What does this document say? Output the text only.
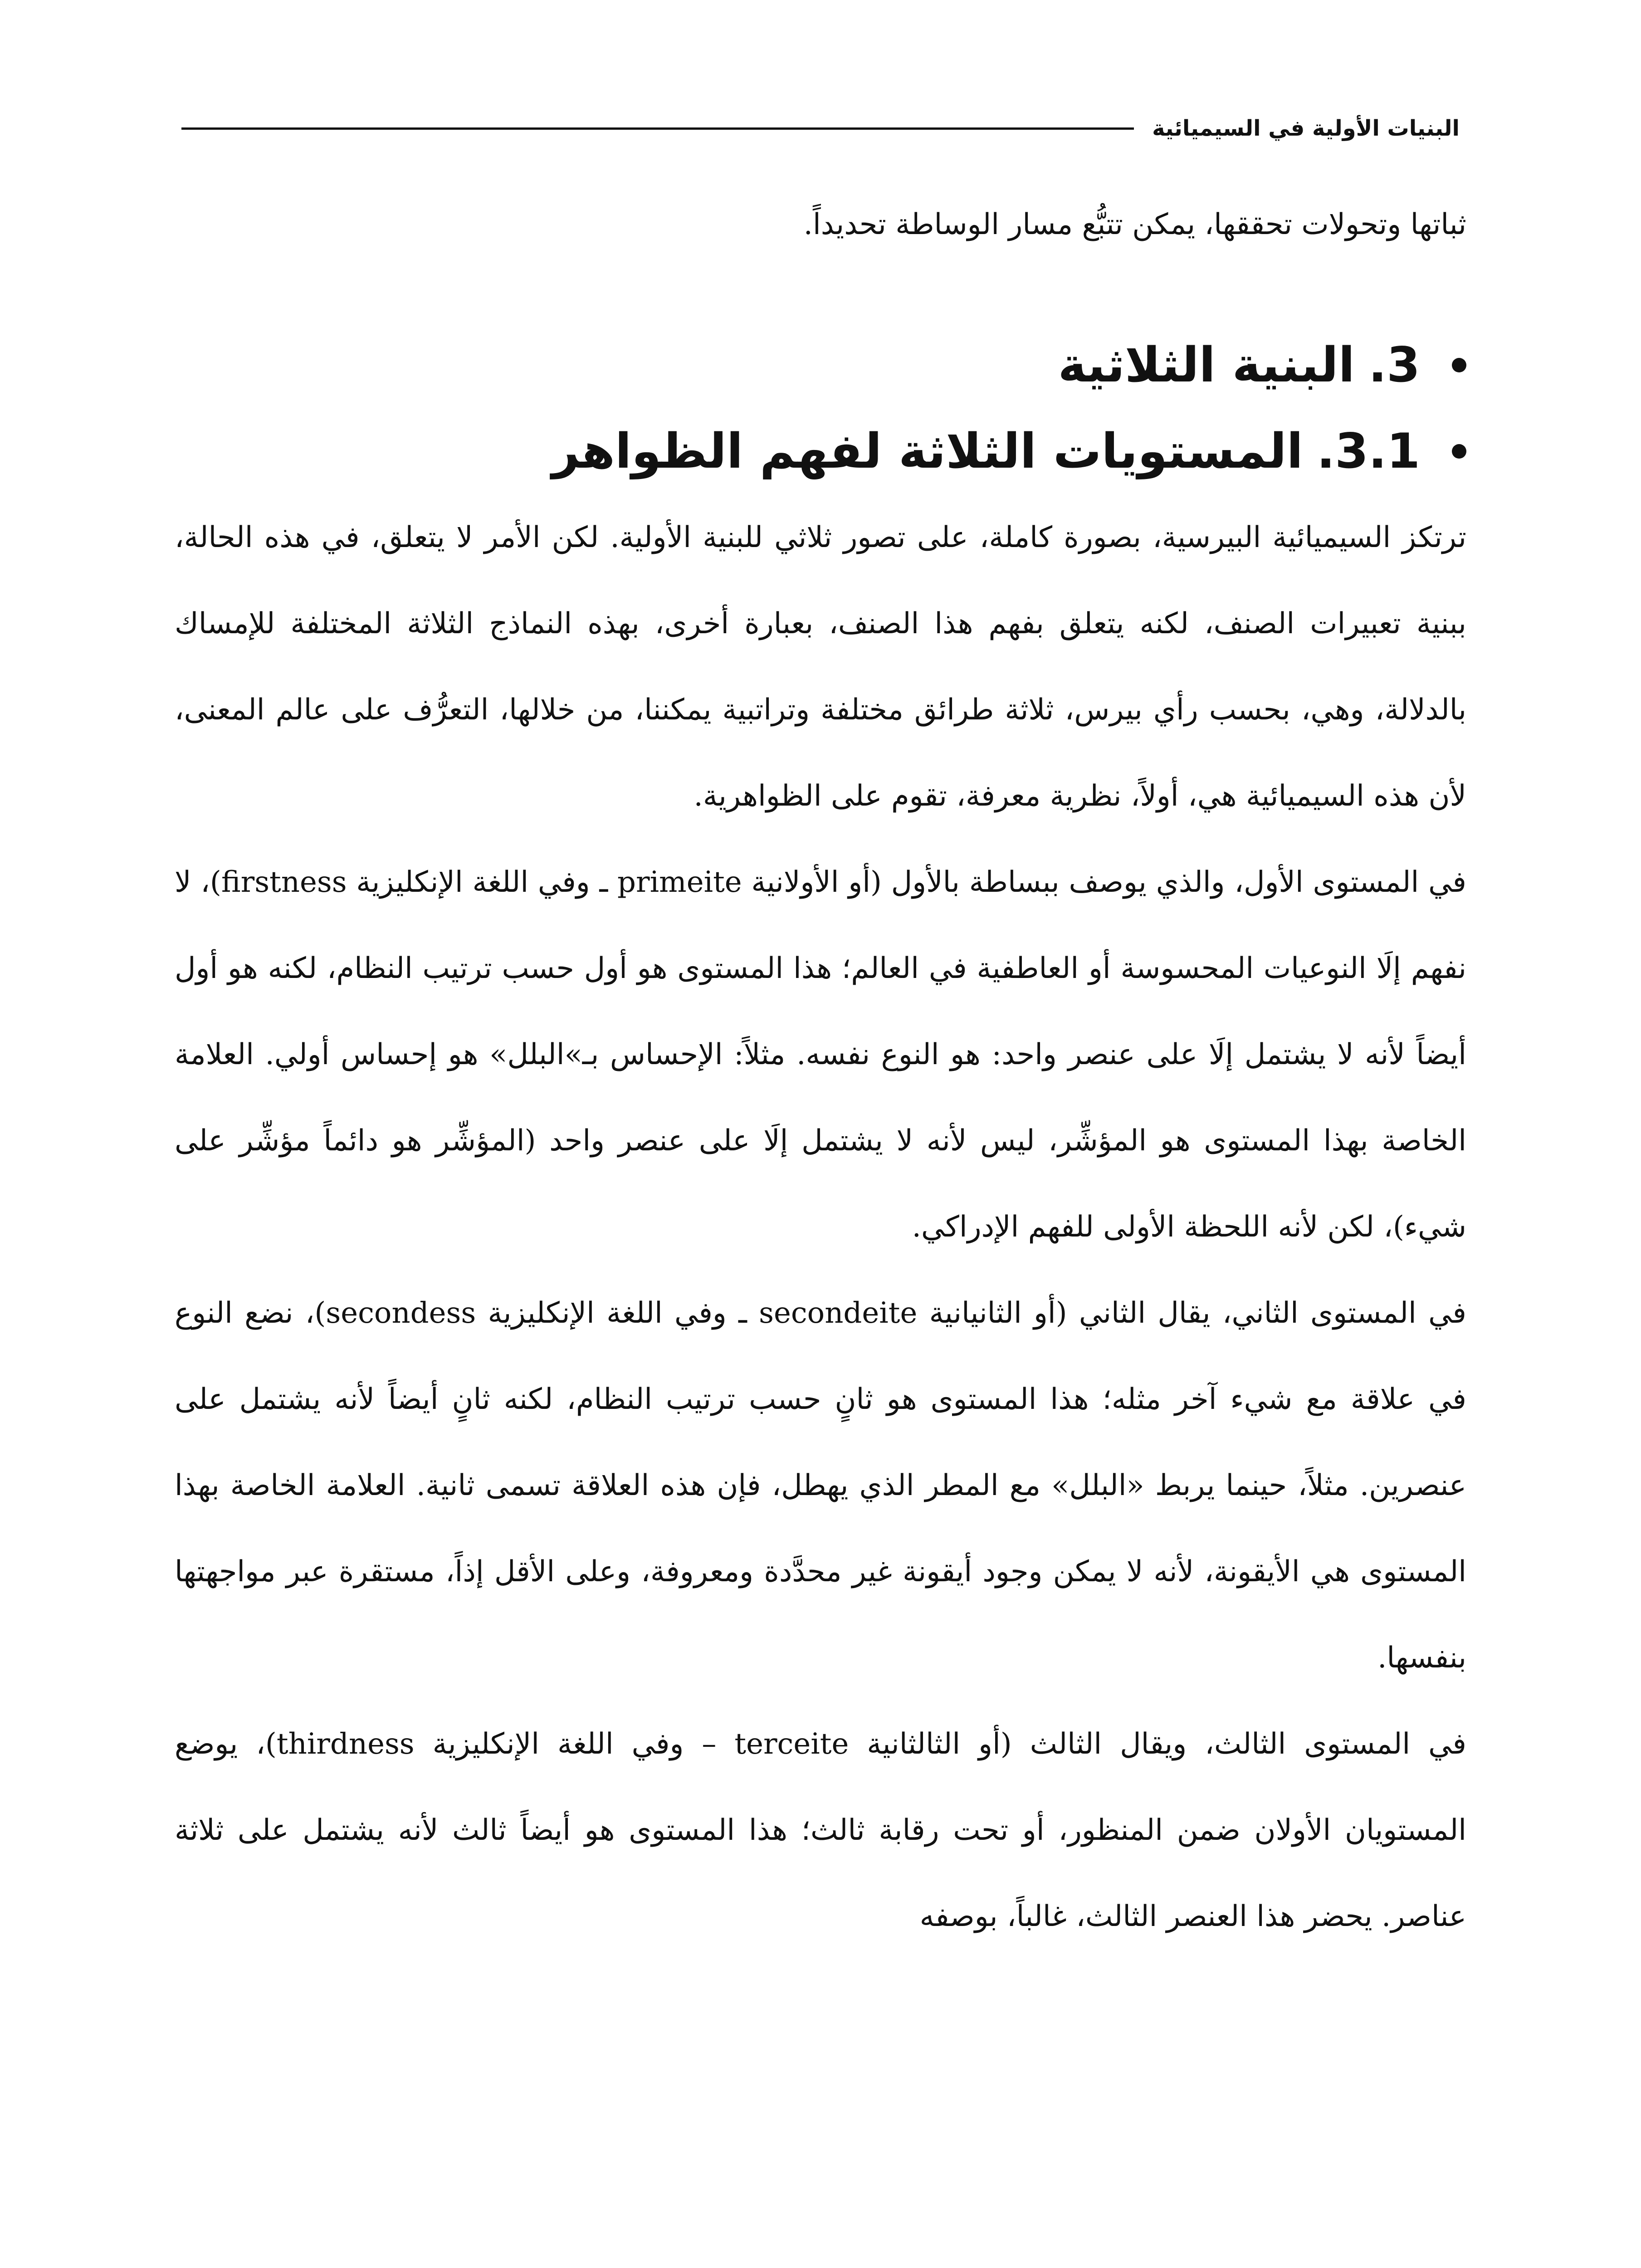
البنيات الأولية في السيميائية

ثباتها وتحولات تحققها، يمكن تتبُّع مسار الوساطة تحديداً.

3.
البنية الثلاثية
3.1.
المستويات الثلاثة لفهم الظواهر

ترتكز السيميائية البيرسية، بصورة كاملة، على تصور ثلاثي للبنية الأولية. لكن الأمر لا يتعلق، في هذه الحالة، ببنية تعبيرات الصنف، لكنه يتعلق بفهم هذا الصنف، بعبارة أخرى، بهذه النماذج الثلاثة المختلفة للإمساك بالدلالة، وهي، بحسب رأي بيرس، ثلاثة طرائق مختلفة وتراتبية يمكننا، من خلالها، التعرُّف على عالم المعنى، لأن هذه السيميائية هي، أولاً، نظرية معرفة، تقوم على الظواهرية.

في المستوى الأول، والذي يوصف ببساطة بالأول (أو الأولانية primeite ـ وفي اللغة الإنكليزية firstness)، لا نفهم إلَا النوعيات المحسوسة أو العاطفية في العالم؛ هذا المستوى هو أول حسب ترتيب النظام، لكنه هو أول أيضاً لأنه لا يشتمل إلَا على عنصر واحد: هو النوع نفسه. مثلاً: الإحساس بـ»البلل» هو إحساس أولي. العلامة الخاصة بهذا المستوى هو المؤشِّر، ليس لأنه لا يشتمل إلَا على عنصر واحد (المؤشِّر هو دائماً مؤشِّر على شيء)، لكن لأنه اللحظة الأولى للفهم الإدراكي.

في المستوى الثاني، يقال الثاني (أو الثانيانية secondeite ـ وفي اللغة الإنكليزية secondess)، نضع النوع في علاقة مع شيء آخر مثله؛ هذا المستوى هو ثانٍ حسب ترتيب النظام، لكنه ثانٍ أيضاً لأنه يشتمل على عنصرين. مثلاً، حينما يربط «البلل» مع المطر الذي يهطل، فإن هذه العلاقة تسمى ثانية. العلامة الخاصة بهذا المستوى هي الأيقونة، لأنه لا يمكن وجود أيقونة غير محدَّدة ومعروفة، وعلى الأقل إذاً، مستقرة عبر مواجهتها بنفسها.

في المستوى الثالث، ويقال الثالث (أو الثالثانية terceite – وفي اللغة الإنكليزية thirdness)، يوضع المستويان الأولان ضمن المنظور، أو تحت رقابة ثالث؛ هذا المستوى هو أيضاً ثالث لأنه يشتمل على ثلاثة عناصر. يحضر هذا العنصر الثالث، غالباً، بوصفه
